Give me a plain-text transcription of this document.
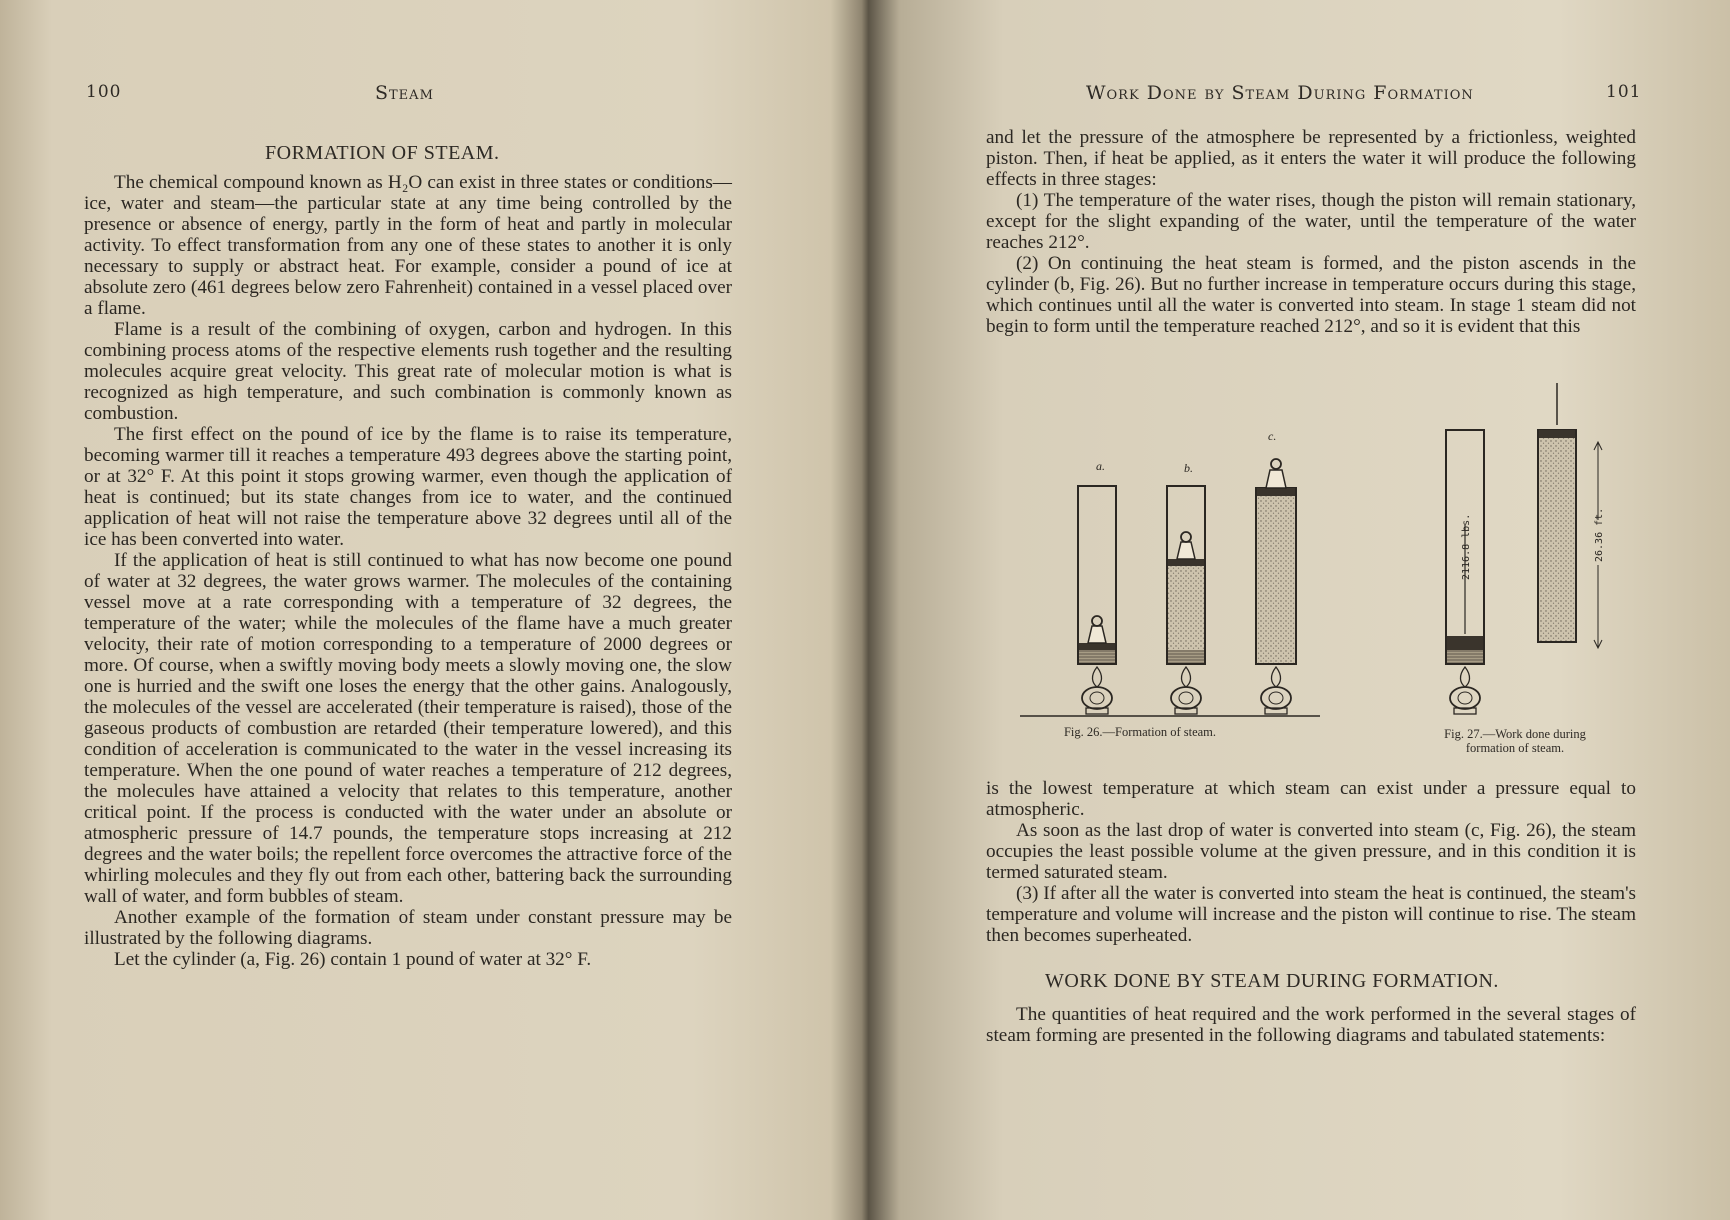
100	Steam
FORMATION OF STEAM.

The chemical compound known as H₂O can exist in three states or conditions—ice, water and steam—the particular state at any time being controlled by the presence or absence of energy, partly in the form of heat and partly in molecular activity. To effect transformation from any one of these states to another it is only necessary to supply or abstract heat. For example, consider a pound of ice at absolute zero (461 degrees below zero Fahrenheit) contained in a vessel placed over a flame.

Flame is a result of the combining of oxygen, carbon and hydrogen. In this combining process atoms of the respective elements rush together and the resulting molecules acquire great velocity. This great rate of molecular motion is what is recognized as high temperature, and such combination is commonly known as combustion.

The first effect on the pound of ice by the flame is to raise its temperature, becoming warmer till it reaches a temperature 493 degrees above the starting point, or at 32° F. At this point it stops growing warmer, even though the application of heat is continued; but its state changes from ice to water, and the continued application of heat will not raise the temperature above 32 degrees until all of the ice has been converted into water.

If the application of heat is still continued to what has now become one pound of water at 32 degrees, the water grows warmer. The molecules of the containing vessel move at a rate corresponding with a temperature of 32 degrees, the temperature of the water; while the molecules of the flame have a much greater velocity, their rate of motion corresponding to a temperature of 2000 degrees or more. Of course, when a swiftly moving body meets a slowly moving one, the slow one is hurried and the swift one loses the energy that the other gains. Analogously, the molecules of the vessel are accelerated (their temperature is raised), those of the gaseous products of combustion are retarded (their temperature lowered), and this condition of acceleration is communicated to the water in the vessel increasing its temperature. When the one pound of water reaches a temperature of 212 degrees, the molecules have attained a velocity that relates to this temperature, another critical point. If the process is conducted with the water under an absolute or atmospheric pressure of 14.7 pounds, the temperature stops increasing at 212 degrees and the water boils; the repellent force overcomes the attractive force of the whirling molecules and they fly out from each other, battering back the surrounding wall of water, and form bubbles of steam.

Another example of the formation of steam under constant pressure may be illustrated by the following diagrams.

Let the cylinder (a, Fig. 26) contain 1 pound of water at 32° F.

Work Done by Steam During Formation	101

and let the pressure of the atmosphere be represented by a frictionless, weighted piston. Then, if heat be applied, as it enters the water it will produce the following effects in three stages:

(1) The temperature of the water rises, though the piston will remain stationary, except for the slight expanding of the water, until the temperature of the water reaches 212°.

(2) On continuing the heat steam is formed, and the piston ascends in the cylinder (b, Fig. 26). But no further increase in temperature occurs during this stage, which continues until all the water is converted into steam. In stage 1 steam did not begin to form until the temperature reached 212°, and so it is evident that this

a.	b.
c.
2116.8 lbs.	26.36 ft.
Fig. 26.—Formation of steam.	Fig. 27.—Work done during
formation of steam.

is the lowest temperature at which steam can exist under a pressure equal to atmospheric.

As soon as the last drop of water is converted into steam (c, Fig. 26), the steam occupies the least possible volume at the given pressure, and in this condition it is termed saturated steam.

(3) If after all the water is converted into steam the heat is continued, the steam's temperature and volume will increase and the piston will continue to rise. The steam then becomes superheated.

WORK DONE BY STEAM DURING FORMATION.

The quantities of heat required and the work performed in the several stages of steam forming are presented in the following diagrams and tabulated statements:
